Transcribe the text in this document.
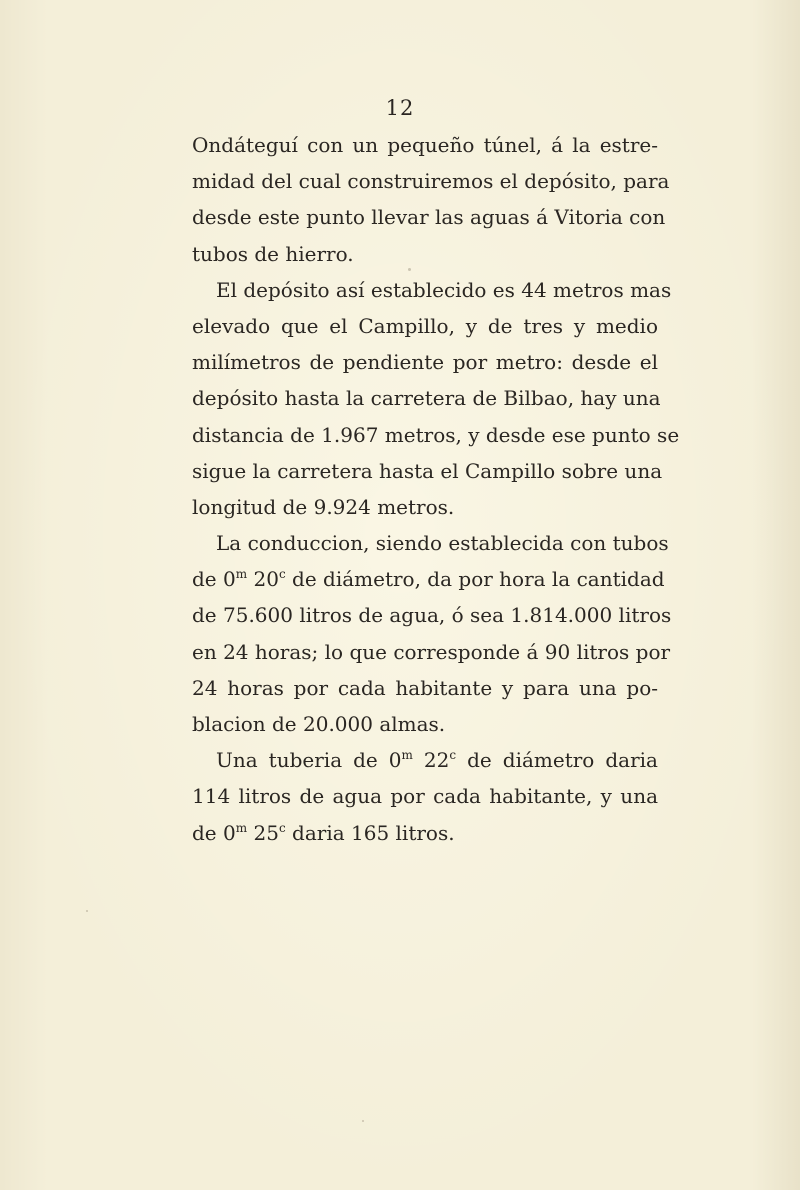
12
Ondáteguí con un pequeño túnel, á la estre-
midad del cual construiremos el depósito, para
desde este punto llevar las aguas á Vitoria con
tubos de hierro.
El depósito así establecido es 44 metros mas
elevado que el Campillo, y de tres y medio
milímetros de pendiente por metro: desde el
depósito hasta la carretera de Bilbao, hay una
distancia de 1.967 metros, y desde ese punto se
sigue la carretera hasta el Campillo sobre una
longitud de 9.924 metros.
La conduccion, siendo establecida con tubos
de 0$^m$ 20$^c$ de diámetro, da por hora la cantidad
de 75.600 litros de agua, ó sea 1.814.000 litros
en 24 horas; lo que corresponde á 90 litros por
24 horas por cada habitante y para una po-
blacion de 20.000 almas.
Una tuberia de 0$^m$ 22$^c$ de diámetro daria
114 litros de agua por cada habitante, y una
de 0$^m$ 25$^c$ daria 165 litros.
